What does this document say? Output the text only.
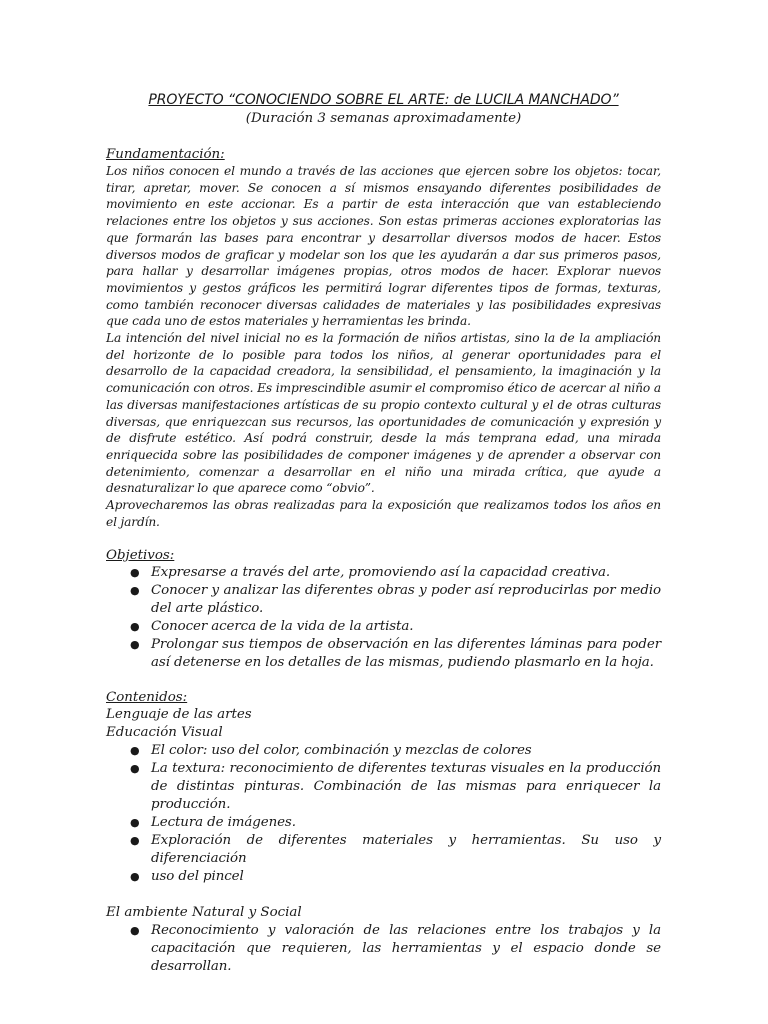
PROYECTO “CONOCIENDO SOBRE EL ARTE: de LUCILA MANCHADO”

(Duración 3 semanas aproximadamente)

Fundamentación:

Los niños conocen el mundo a través de las acciones que ejercen sobre los objetos: tocar, tirar, apretar, mover. Se conocen a sí mismos ensayando diferentes posibilidades de movimiento en este accionar. Es a partir de esta interacción que van estableciendo relaciones entre los objetos y sus acciones. Son estas primeras acciones exploratorias las que formarán las bases para encontrar y desarrollar diversos modos de hacer. Estos diversos modos de graficar y modelar son los que les ayudarán a dar sus primeros pasos, para hallar y desarrollar imágenes propias, otros modos de hacer. Explorar nuevos movimientos y gestos gráficos les permitirá lograr diferentes tipos de formas, texturas, como también reconocer diversas calidades de materiales y las posibilidades expresivas que cada uno de estos materiales y herramientas les brinda.

La intención del nivel inicial no es la formación de niños artistas, sino la de la ampliación del horizonte de lo posible para todos los niños, al generar oportunidades para el desarrollo de la capacidad creadora, la sensibilidad, el pensamiento, la imaginación y la comunicación con otros. Es imprescindible asumir el compromiso ético de acercar al niño a las diversas manifestaciones artísticas de su propio contexto cultural y el de otras culturas diversas, que enriquezcan sus recursos, las oportunidades de comunicación y expresión y de disfrute estético. Así podrá construir, desde la más temprana edad, una mirada enriquecida sobre las posibilidades de componer imágenes y de aprender a observar con detenimiento, comenzar a desarrollar en el niño una mirada crítica, que ayude a desnaturalizar lo que aparece como “obvio”.

Aprovecharemos las obras realizadas para la exposición que realizamos todos los años en el jardín.

Objetivos:
● Expresarse a través del arte, promoviendo así la capacidad creativa.
● Conocer y analizar las diferentes obras y poder así reproducirlas por medio del arte plástico.
● Conocer acerca de la vida de la artista.
● Prolongar sus tiempos de observación en las diferentes láminas para poder así detenerse en los detalles de las mismas, pudiendo plasmarlo en la hoja.
Contenidos:

Lenguaje de las artes

Educación Visual

● El color: uso del color, combinación y mezclas de colores
● La textura: reconocimiento de diferentes texturas visuales en la producción de distintas pinturas. Combinación de las mismas para enriquecer la producción.
● Lectura de imágenes.
● Exploración de diferentes materiales y herramientas. Su uso y diferenciación
● uso del pincel

El ambiente Natural y Social

● Reconocimiento y valoración de las relaciones entre los trabajos y la capacitación que requieren, las herramientas y el espacio donde se desarrollan.
